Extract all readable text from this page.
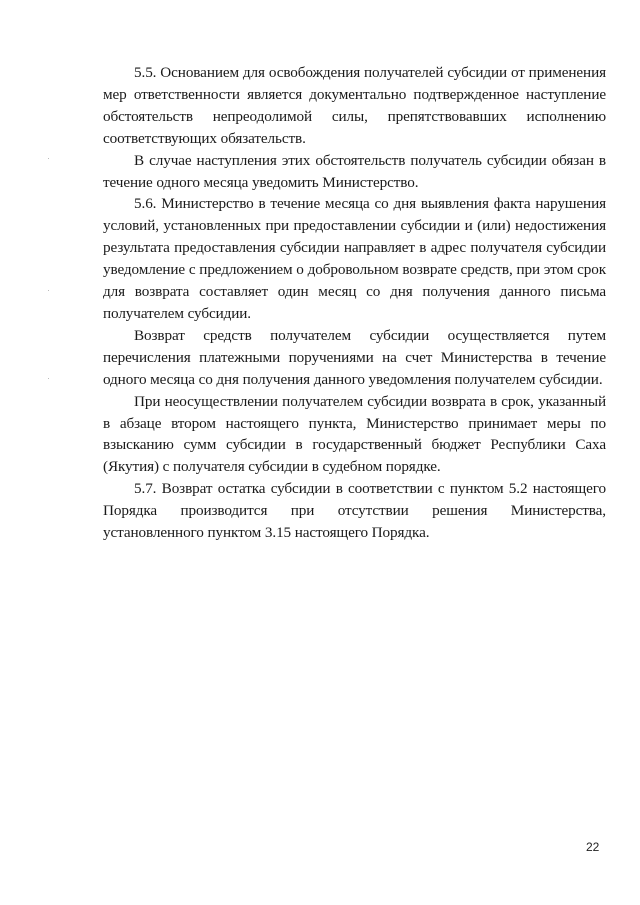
5.5. Основанием для освобождения получателей субсидии от применения мер ответственности является документально подтвержденное наступление обстоятельств непреодолимой силы, препятствовавших исполнению соответствующих обязательств.

В случае наступления этих обстоятельств получатель субсидии обязан в течение одного месяца уведомить Министерство.

5.6. Министерство в течение месяца со дня выявления факта нарушения условий, установленных при предоставлении субсидии и (или) недостижения результата предоставления субсидии направляет в адрес получателя субсидии уведомление с предложением о добровольном возврате средств, при этом срок для возврата составляет один месяц со дня получения данного письма получателем субсидии.

Возврат средств получателем субсидии осуществляется путем перечисления платежными поручениями на счет Министерства в течение одного месяца со дня получения данного уведомления получателем субсидии.

При неосуществлении получателем субсидии возврата в срок, указанный в абзаце втором настоящего пункта, Министерство принимает меры по взысканию сумм субсидии в государственный бюджет Республики Саха (Якутия) с получателя субсидии в судебном порядке.

5.7. Возврат остатка субсидии в соответствии с пунктом 5.2 настоящего Порядка производится при отсутствии решения Министерства, установленного пунктом 3.15 настоящего Порядка.

22
